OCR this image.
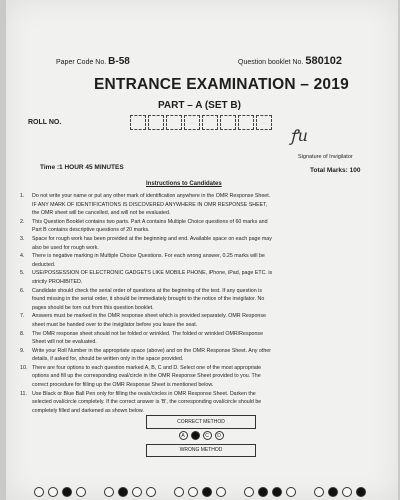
Paper Code No. B-58	Question booklet No. 580102
ENTRANCE EXAMINATION – 2019
PART – A (SET B)
ROLL NO.
ꝭu
Signature of Invigilator
Time :1 HOUR 45 MINUTES	Total Marks: 100
Instructions to Candidates
1.	Do not write your name or put any other mark of identification anywhere in the OMR Response Sheet.
IF ANY MARK OF IDENTIFICATIONS IS DISCOVERED ANYWHERE IN OMR RESPONSE SHEET,
the OMR sheet will be cancelled, and will not be evaluated.
2.	This Question Booklet contains two parts. Part A contains Multiple Choice questions of 60 marks and
Part B contains descriptive questions of 20 marks.
3.	Space for rough work has been provided at the beginning and end. Available space on each page may
also be used for rough work.
4.	There is negative marking in Multiple Choice Questions. For each wrong answer, 0.25 marks will be
deducted.
5.	USE/POSSESSION OF ELECTRONIC GADGETS LIKE MOBILE PHONE, iPhone, iPad, page ETC. is
strictly PROHIBITED.
6.	Candidate should check the serial order of questions at the beginning of the test. If any question is
found missing in the serial order, it should be immediately brought to the notice of the invigilator. No
pages should be torn out from this question booklet.
7.	Answers must be marked in the OMR response sheet which is provided separately. OMR Response
sheet must be handed over to the invigilator before you leave the seat.
8.	The OMR response sheet should not be folded or wrinkled. The folded or wrinkled OMR/Response
Sheet will not be evaluated.
9.	Write your Roll Number in the appropriate space (above) and on the OMR Response Sheet. Any other
details, if asked for, should be written only in the space provided.
10. There are four options to each question marked A, B, C and D. Select one of the most appropriate
options and fill up the corresponding oval/circle in the OMR Response Sheet provided to you. The
correct procedure for filling up the OMR Response Sheet is mentioned below.
11. Use Black or Blue Ball Pen only for filling the ovals/circles in OMR Response Sheet. Darken the
selected oval/circle completely. If the correct answer is 'B', the corresponding oval/circle should be
completely filled and darkened as shown below.
CORRECT METHOD
A	B	C	D
WRONG METHOD
